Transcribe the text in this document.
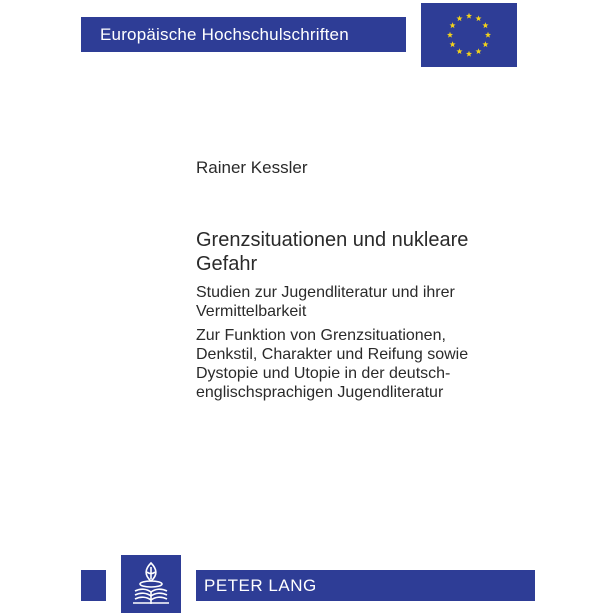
Europäische Hochschulschriften
Rainer Kessler
Grenzsituationen und nukleare
Gefahr
Studien zur Jugendliteratur und ihrer
Vermittelbarkeit
Zur Funktion von Grenzsituationen,
Denkstil, Charakter und Reifung sowie
Dystopie und Utopie in der deutsch-
englischsprachigen Jugendliteratur
PETER LANG
